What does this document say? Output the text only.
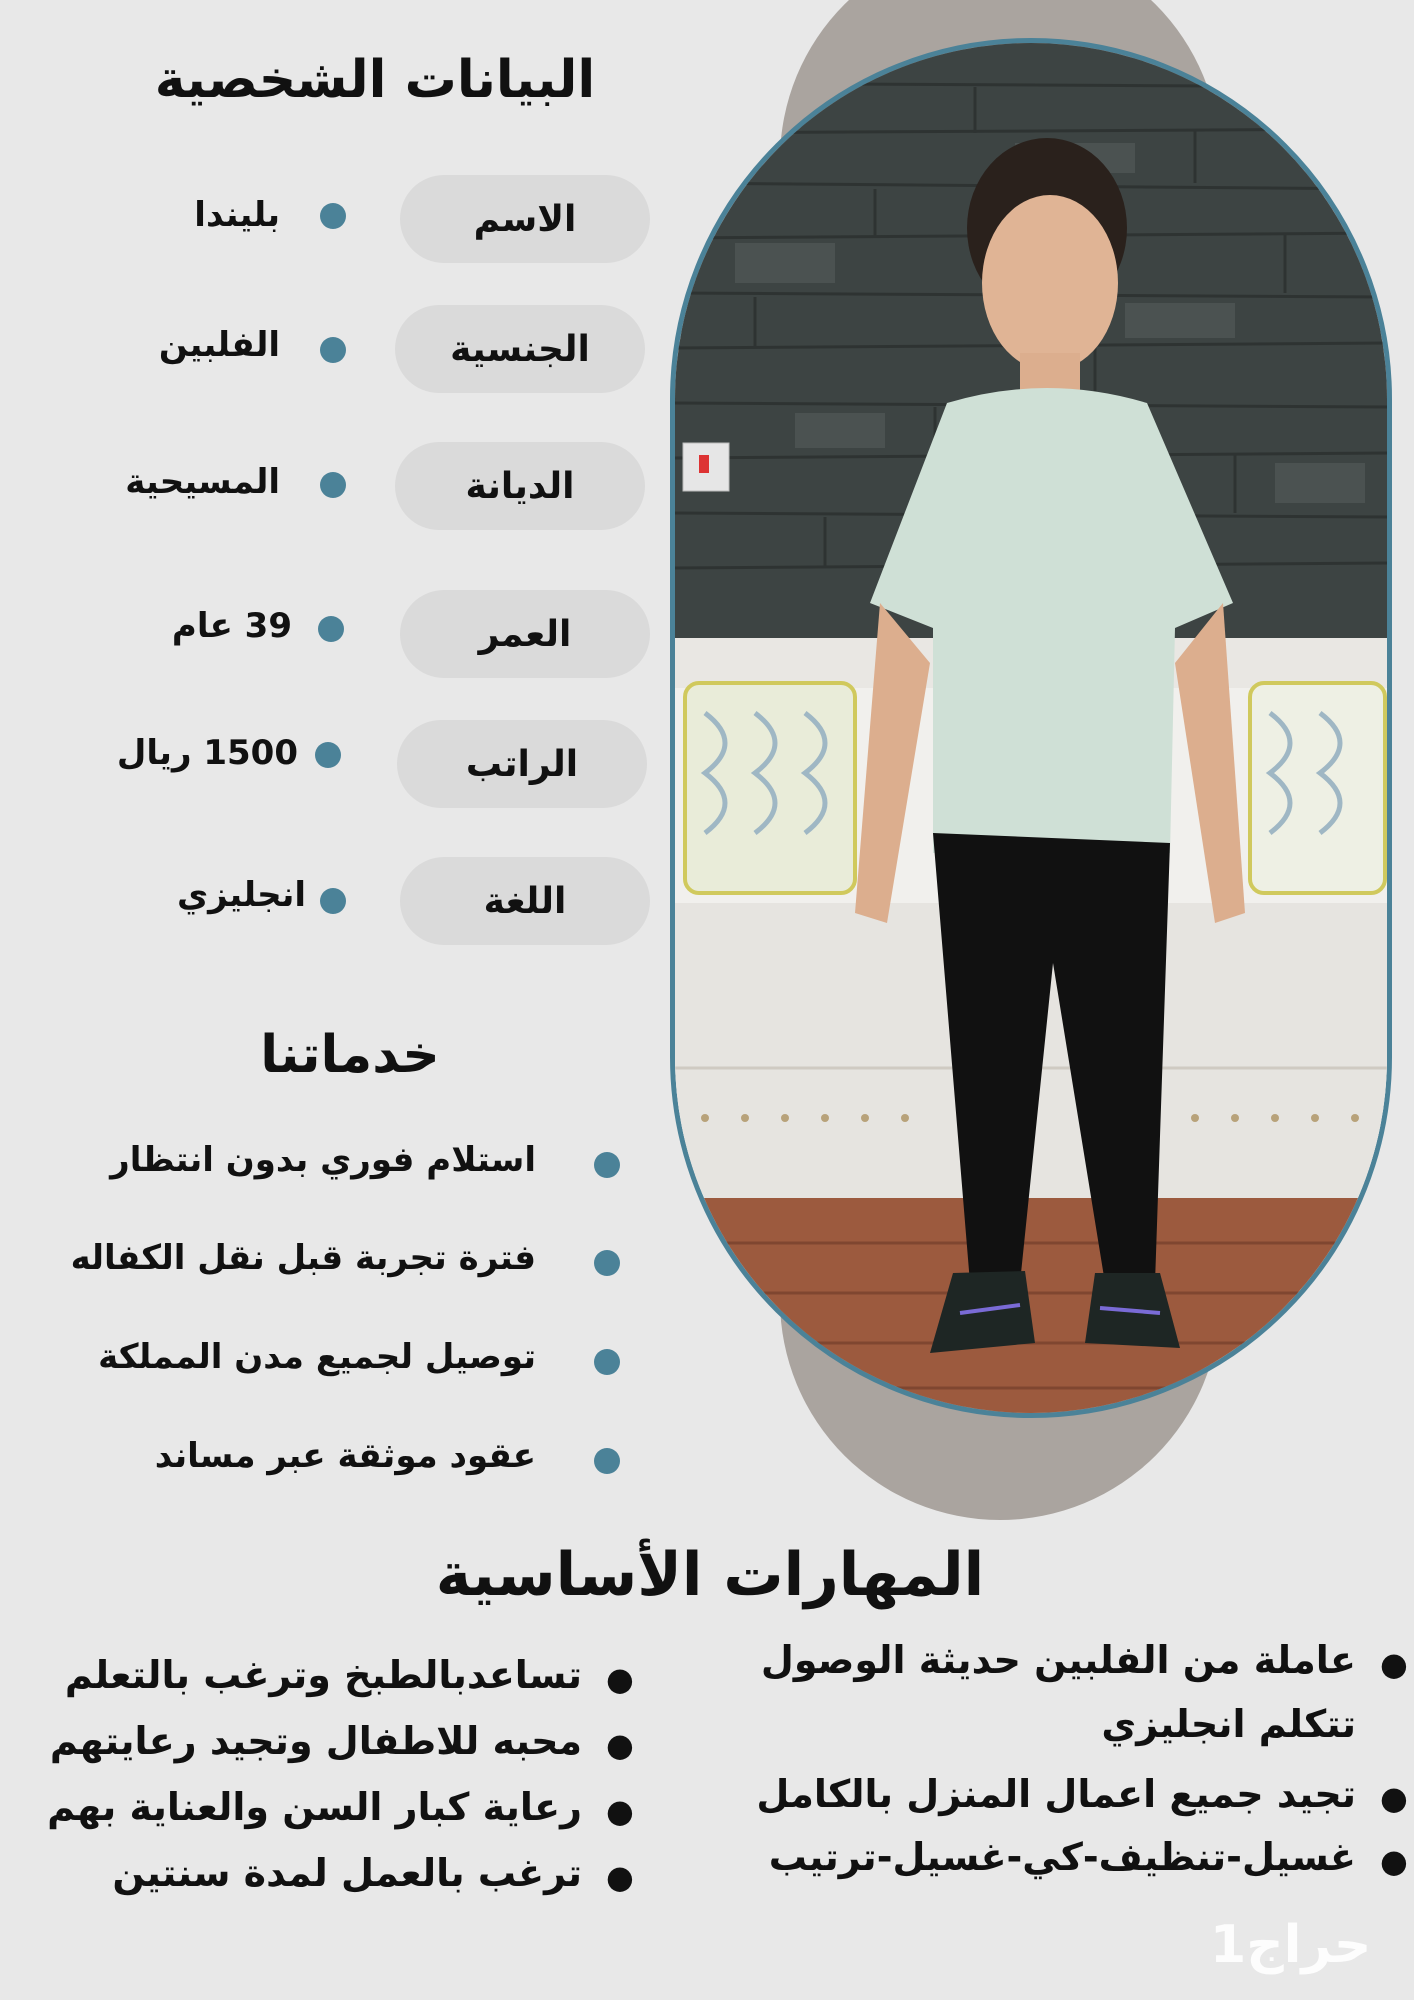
البيانات الشخصية
الاسم
بليندا
الجنسية
الفلبين
الديانة
المسيحية
العمر
39 عام
الراتب
1500 ريال
اللغة
انجليزي
خدماتنا
استلام فوري بدون انتظار
فترة تجربة قبل نقل الكفاله
توصيل لجميع مدن المملكة
عقود موثقة عبر مساند
المهارات الأساسية
●
عاملة من الفلبين حديثة الوصول
تتكلم انجليزي
●
تجيد جميع اعمال المنزل بالكامل
●
غسيل-تنظيف-كي-غسيل-ترتيب
●
تساعدبالطبخ وترغب بالتعلم
●
محبه للاطفال وتجيد رعايتهم
●
رعاية كبار السن والعناية بهم
●
ترغب بالعمل لمدة سنتين
حراج1
